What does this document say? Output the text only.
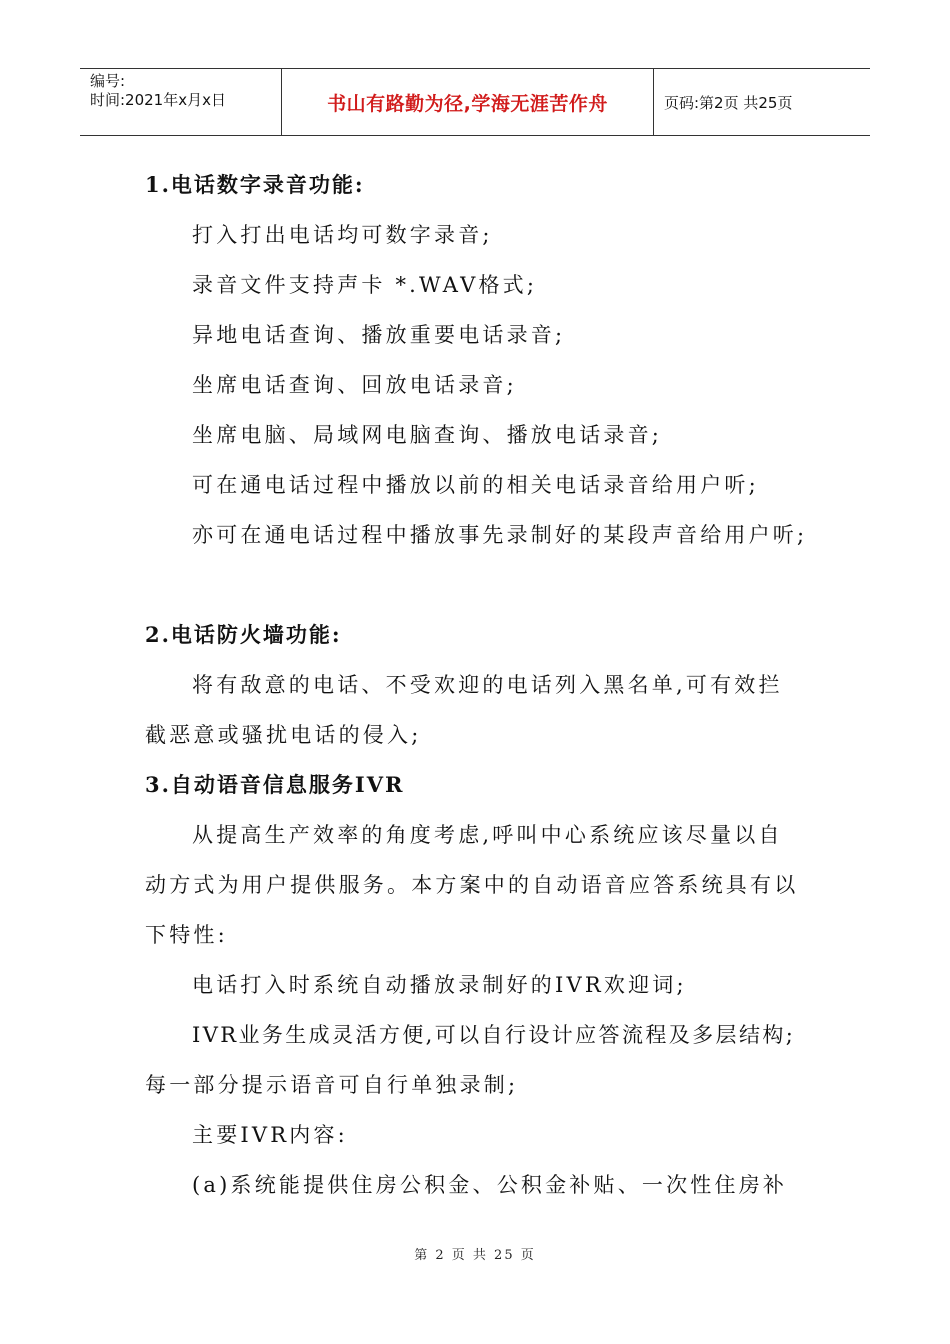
编号:
时间:2021年x月x日	书山有路勤为径,学海无涯苦作舟	页码:第2页 共25页
1.电话数字录音功能:
打入打出电话均可数字录音;
录音文件支持声卡 *.WAV格式;
异地电话查询、播放重要电话录音;
坐席电话查询、回放电话录音;
坐席电脑、局域网电脑查询、播放电话录音;
可在通电话过程中播放以前的相关电话录音给用户听;
亦可在通电话过程中播放事先录制好的某段声音给用户听;
2.电话防火墙功能:
将有敌意的电话、不受欢迎的电话列入黑名单,可有效拦
截恶意或骚扰电话的侵入;
3.自动语音信息服务IVR
从提高生产效率的角度考虑,呼叫中心系统应该尽量以自
动方式为用户提供服务。本方案中的自动语音应答系统具有以
下特性:
电话打入时系统自动播放录制好的IVR欢迎词;
IVR业务生成灵活方便,可以自行设计应答流程及多层结构;
每一部分提示语音可自行单独录制;
主要IVR内容:
(a)系统能提供住房公积金、公积金补贴、一次性住房补
第 2 页 共 25 页
